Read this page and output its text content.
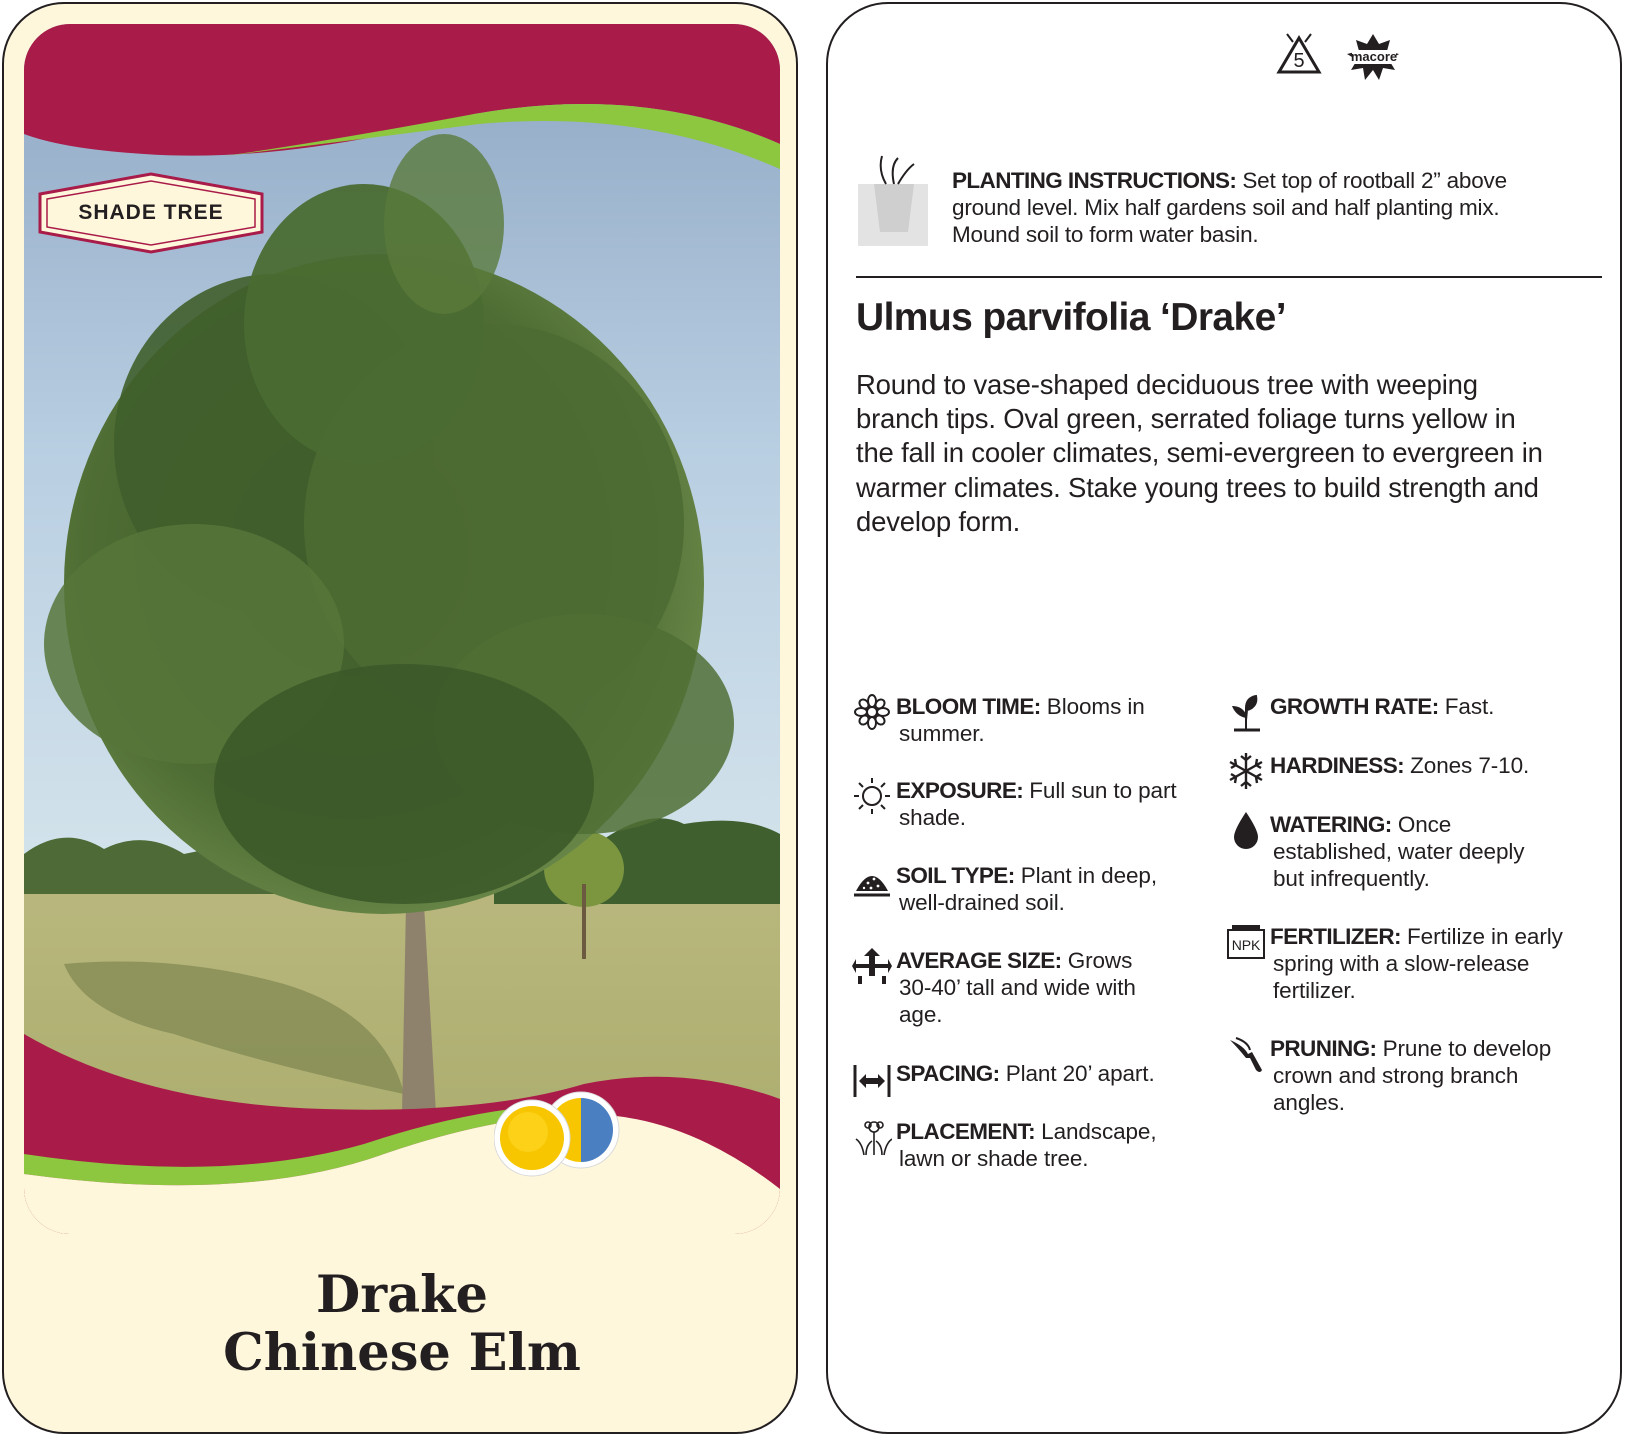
SHADE TREE
Drake
Chinese Elm
5	macore
PLANTING INSTRUCTIONS: Set top of rootball 2” above
ground level. Mix half gardens soil and half planting mix.
Mound soil to form water basin.
Ulmus parvifolia ‘Drake’
Round to vase-shaped deciduous tree with weeping
branch tips. Oval green, serrated foliage turns yellow in
the fall in cooler climates, semi-evergreen to evergreen in
warmer climates. Stake young trees to build strength and
develop form.
BLOOM TIME: Blooms in
summer.
EXPOSURE: Full sun to part
shade.
SOIL TYPE: Plant in deep,
well-drained soil.
AVERAGE SIZE: Grows
30-40’ tall and wide with
age.
SPACING: Plant 20’ apart.
PLACEMENT: Landscape,
lawn or shade tree.
GROWTH RATE: Fast.
HARDINESS: Zones 7-10.
WATERING: Once
established, water deeply
but infrequently.
NPK FERTILIZER: Fertilize in early
spring with a slow-release
fertilizer.
PRUNING: Prune to develop
crown and strong branch
angles.
